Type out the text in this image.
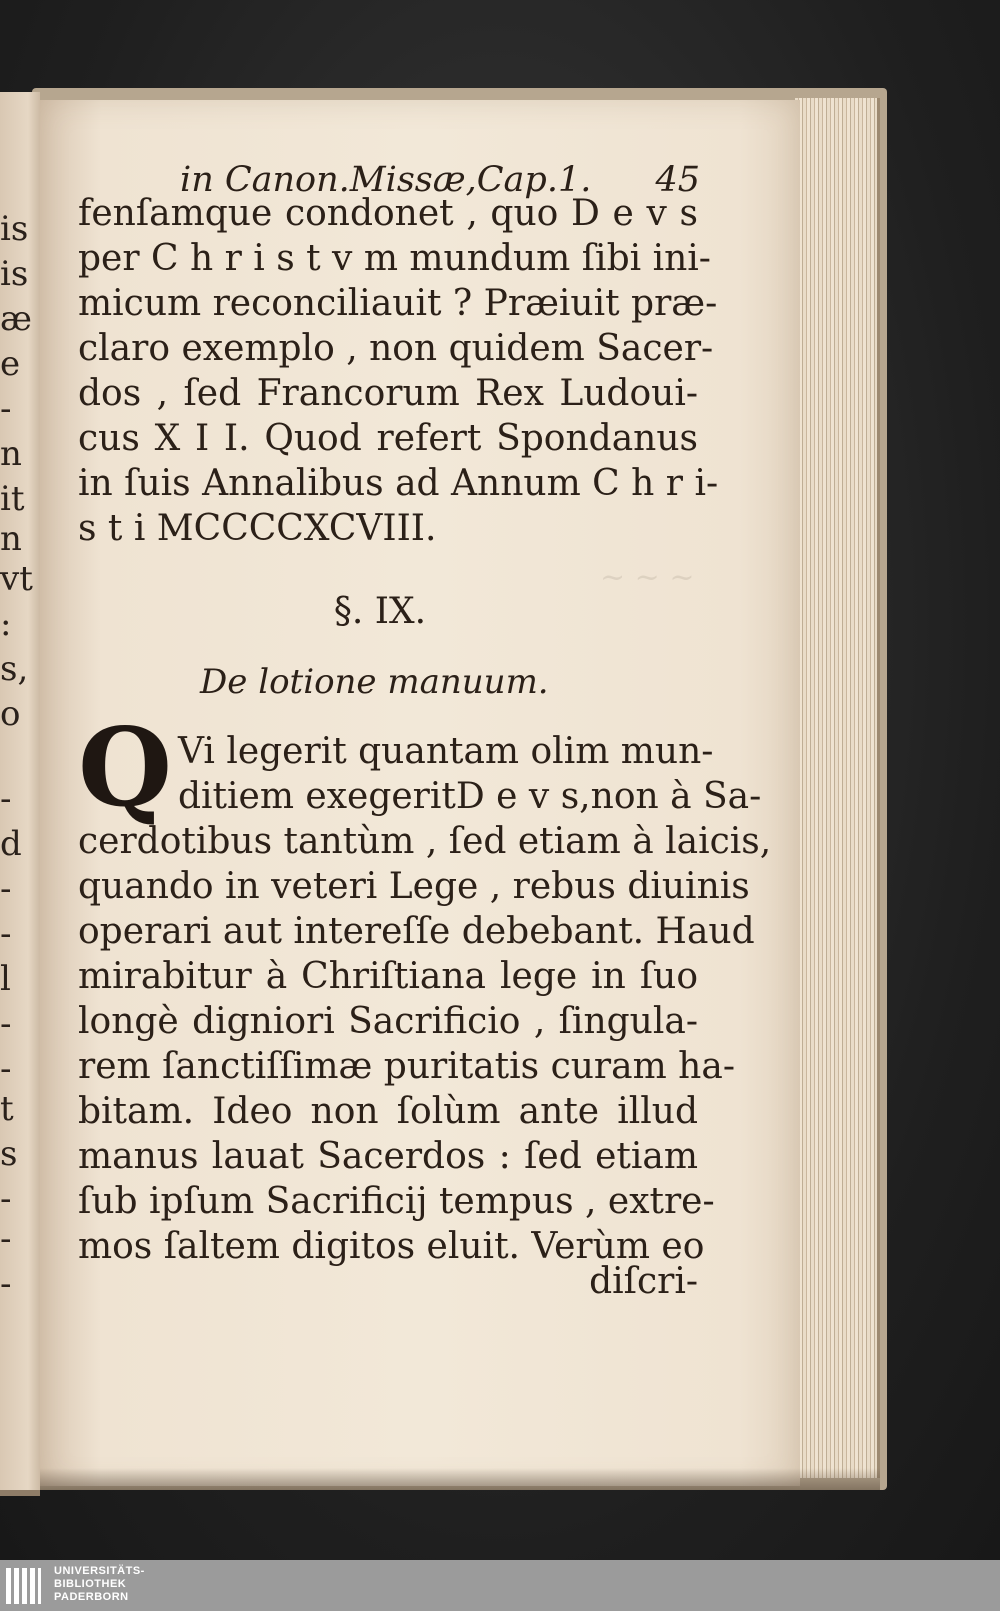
is
is
æ
e
-
n
it
n
vt
:
s,
o
-
d
-
-
l
-
-
t
s
-
-
-
~ ~ ~
in Canon.Missæ,Cap.1. 45
fenſamque condonet , quo D e v s
per C h r i s t v m mundum ſibi ini-
micum reconciliauit ? Præiuit præ-
claro exemplo , non quidem Sacer-
dos , ſed Francorum Rex Ludoui-
cus X I I. Quod refert Spondanus
in ſuis Annalibus ad Annum C h r i-
s t i MCCCCXCVIII.
§. IX.
De lotione manuum.
Q Vi legerit quantam olim mun-
ditiem exegeritD e v s,non à Sa-
cerdotibus tantùm , ſed etiam à laicis,
quando in veteri Lege , rebus diuinis
operari aut intereſſe debebant. Haud
mirabitur à Chriſtiana lege in ſuo
longè digniori Sacrificio , ſingula-
rem ſanctiſſimæ puritatis curam ha-
bitam. Ideo non ſolùm ante illud
manus lauat Sacerdos : ſed etiam
ſub ipſum Sacrificij tempus , extre-
mos ſaltem digitos eluit. Verùm eo
diſcri-
UNIVERSITÄTS-
BIBLIOTHEK
PADERBORN
